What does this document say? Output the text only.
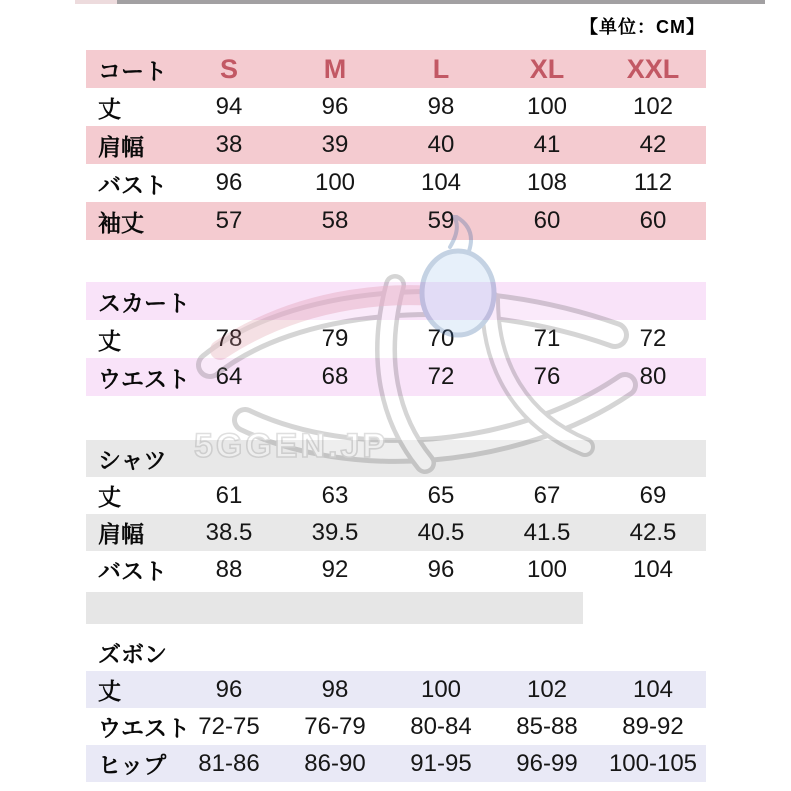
【单位：CM】
コート	S	M	L	XL	XXL
丈	94	96	98	100	102
肩幅	38	39	40	41	42
バスト	96	100	104	108	112
袖丈	57	58	59	60	60
スカート
丈	78	79	70	71	72
ウエスト	64	68	72	76	80
シャツ
丈	61	63	65	67	69
肩幅	38.5	39.5	40.5	41.5	42.5
バスト	88	92	96	100	104
ズボン
丈	96	98	100	102	104
ウエスト 72-75	76-79	80-84	85-88	89-92
ヒップ	81-86	86-90	91-95	96-99	100-105
5GGEN.JP
